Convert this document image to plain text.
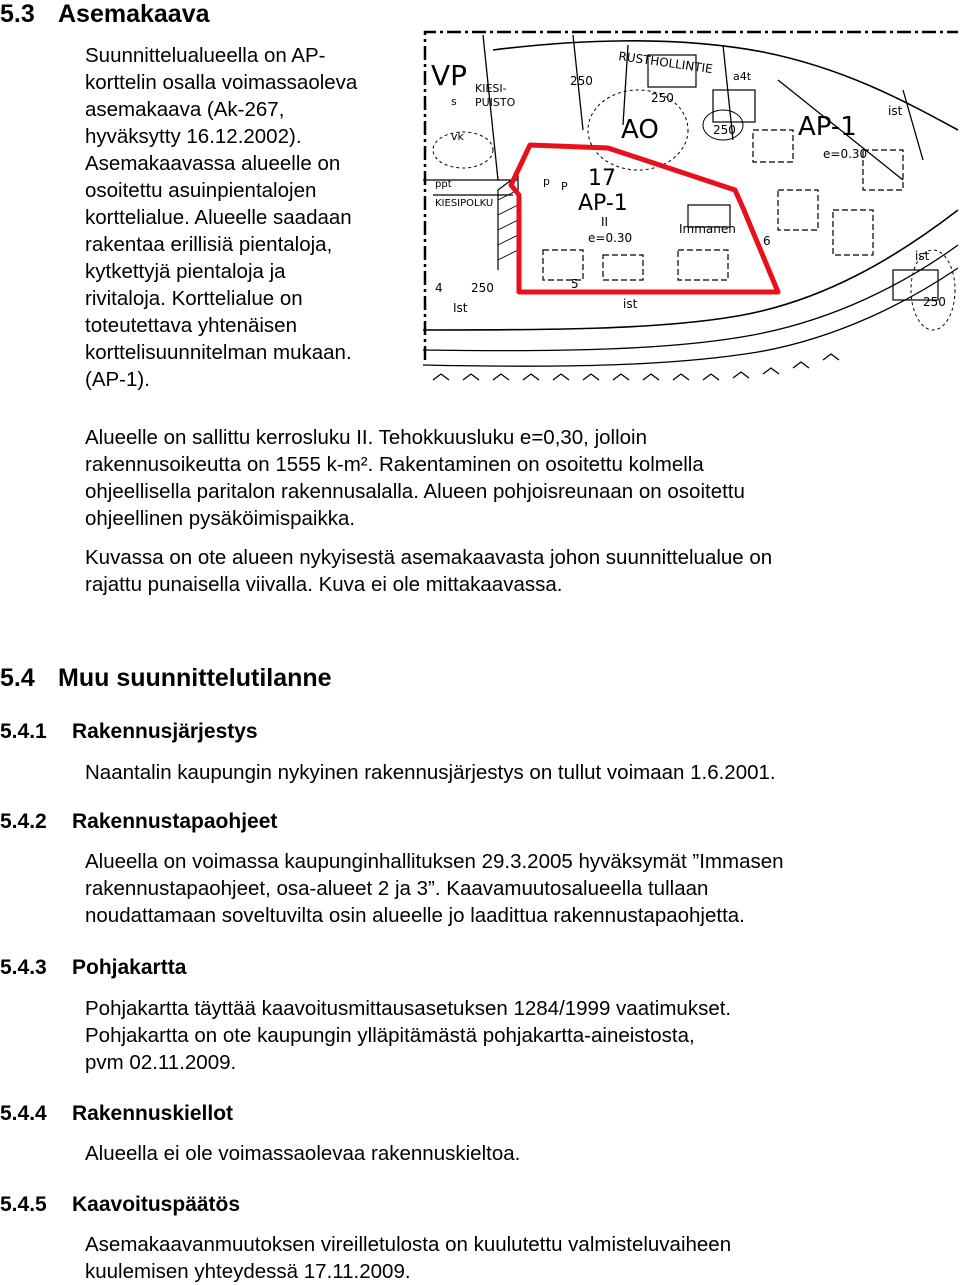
5.3 Asemakaava
Suunnittelualueella on AP-
korttelin osalla voimassaoleva
asemakaava (Ak-267,
hyväksytty 16.12.2002).
Asemakaavassa alueelle on
osoitettu asuinpientalojen
korttelialue. Alueelle saadaan
rakentaa erillisiä pientaloja,
kytkettyjä pientaloja ja
rivitaloja. Korttelialue on
toteutettava yhtenäisen
korttelisuunnitelman mukaan.
(AP-1).
VP
s
vk
KIESI-PUISTO
RUSTHOLLINTIE
ppt
KIESIPOLKU
AO	AP-1
e=0.30
17
AP-1
II
e=0.30
Immanen
p P
5
4
6
250
250
250
250
250
a4t
Ist	ist
ist
ist
Alueelle on sallittu kerrosluku II. Tehokkuusluku e=0,30, jolloin
rakennusoikeutta on 1555 k-m². Rakentaminen on osoitettu kolmella
ohjeellisella paritalon rakennusalalla. Alueen pohjoisreunaan on osoitettu
ohjeellinen pysäköimispaikka.
Kuvassa on ote alueen nykyisestä asemakaavasta johon suunnittelualue on
rajattu punaisella viivalla. Kuva ei ole mittakaavassa.
5.4 Muu suunnittelutilanne
5.4.1 Rakennusjärjestys
Naantalin kaupungin nykyinen rakennusjärjestys on tullut voimaan 1.6.2001.
5.4.2 Rakennustapaohjeet
Alueella on voimassa kaupunginhallituksen 29.3.2005 hyväksymät ”Immasen
rakennustapaohjeet, osa-alueet 2 ja 3”. Kaavamuutosalueella tullaan
noudattamaan soveltuvilta osin alueelle jo laadittua rakennustapaohjetta.
5.4.3 Pohjakartta
Pohjakartta täyttää kaavoitusmittausasetuksen 1284/1999 vaatimukset.
Pohjakartta on ote kaupungin ylläpitämästä pohjakartta-aineistosta,
pvm 02.11.2009.
5.4.4 Rakennuskiellot
Alueella ei ole voimassaolevaa rakennuskieltoa.
5.4.5 Kaavoituspäätös
Asemakaavanmuutoksen vireilletulosta on kuulutettu valmisteluvaiheen
kuulemisen yhteydessä 17.11.2009.
